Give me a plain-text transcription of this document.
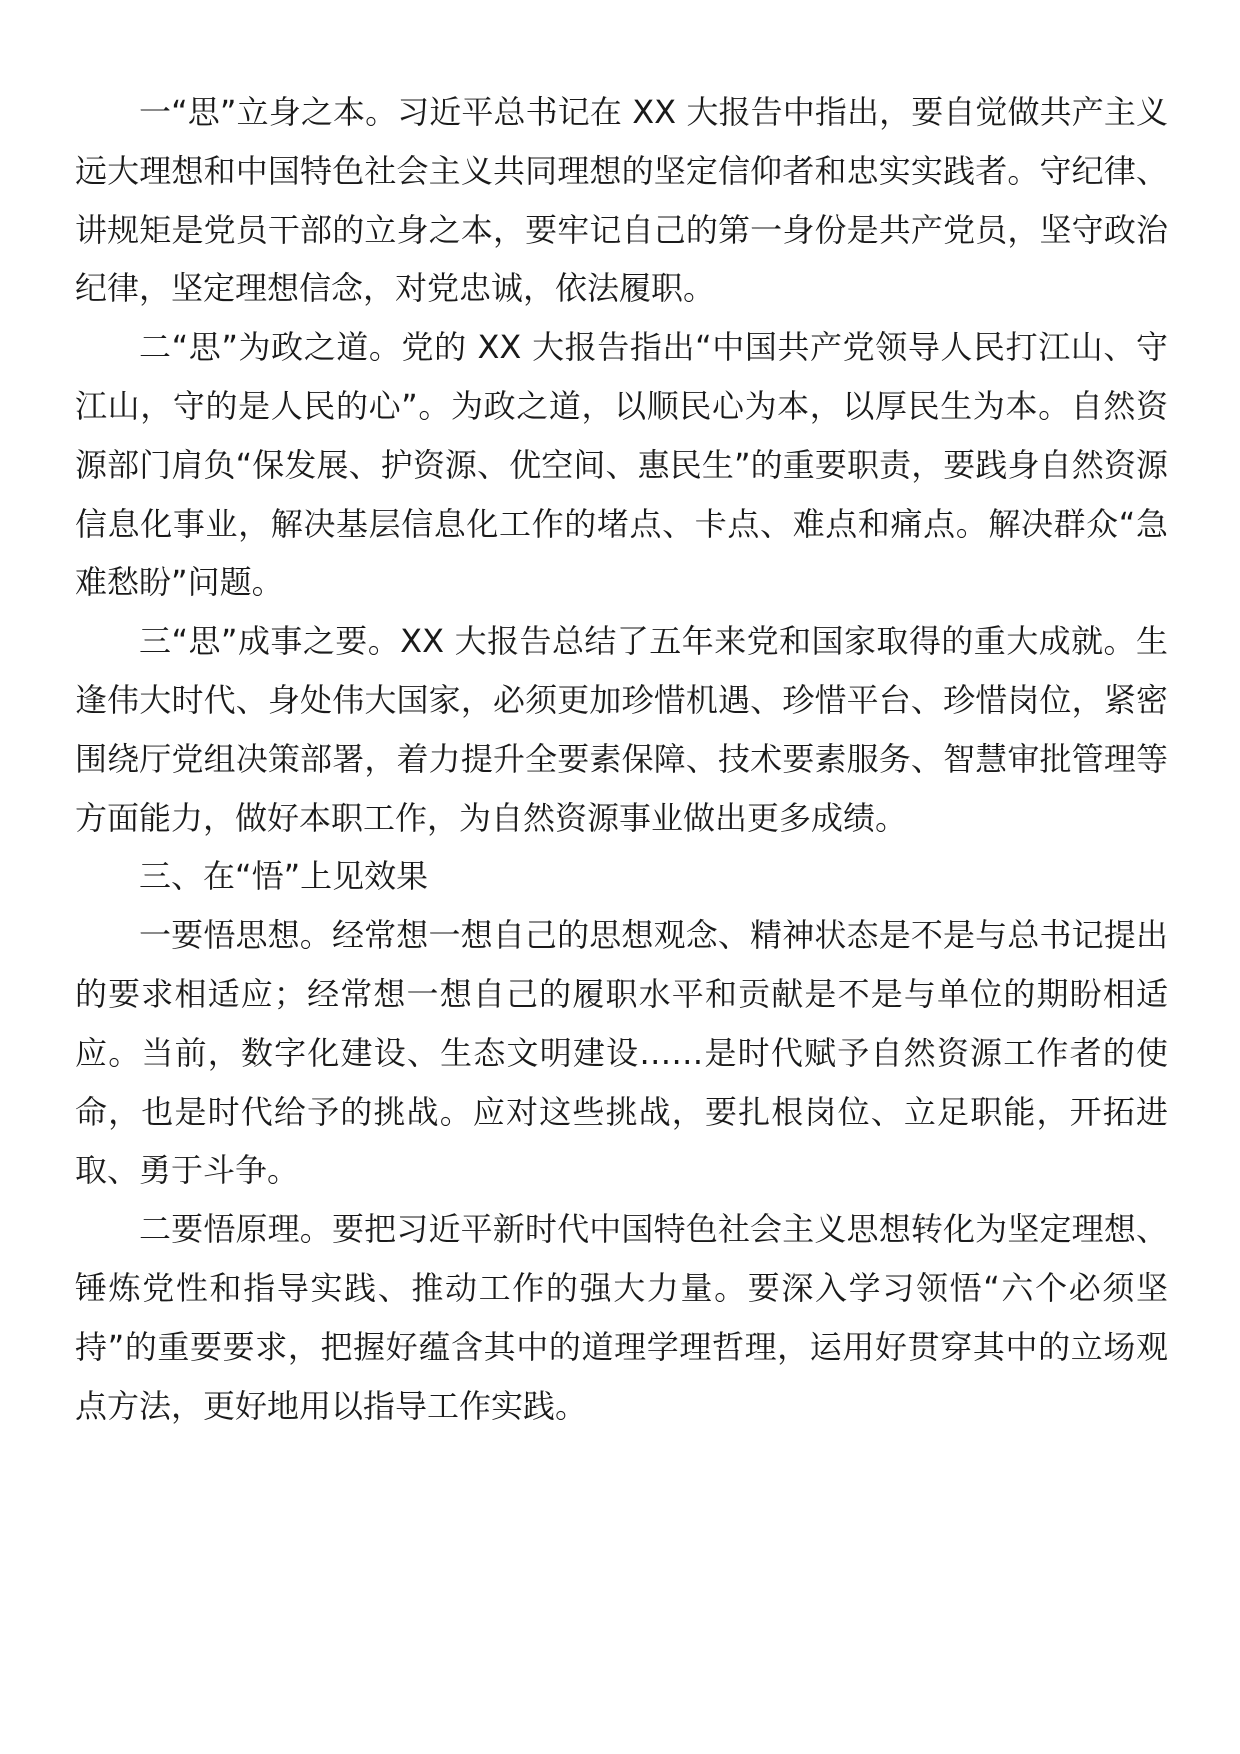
一“思”立身之本。习近平总书记在 XX 大报告中指出，要自觉做共产主义远大理想和中国特色社会主义共同理想的坚定信仰者和忠实实践者。守纪律、讲规矩是党员干部的立身之本，要牢记自己的第一身份是共产党员，坚守政治纪律，坚定理想信念，对党忠诚，依法履职。

二“思”为政之道。党的 XX 大报告指出“中国共产党领导人民打江山、守江山，守的是人民的心”。为政之道，以顺民心为本，以厚民生为本。自然资源部门肩负“保发展、护资源、优空间、惠民生”的重要职责，要践身自然资源信息化事业，解决基层信息化工作的堵点、卡点、难点和痛点。解决群众“急难愁盼”问题。

三“思”成事之要。XX 大报告总结了五年来党和国家取得的重大成就。生逢伟大时代、身处伟大国家，必须更加珍惜机遇、珍惜平台、珍惜岗位，紧密围绕厅党组决策部署，着力提升全要素保障、技术要素服务、智慧审批管理等方面能力，做好本职工作，为自然资源事业做出更多成绩。

三、在“悟”上见效果

一要悟思想。经常想一想自己的思想观念、精神状态是不是与总书记提出的要求相适应；经常想一想自己的履职水平和贡献是不是与单位的期盼相适应。当前，数字化建设、生态文明建设……是时代赋予自然资源工作者的使命，也是时代给予的挑战。应对这些挑战，要扎根岗位、立足职能，开拓进取、勇于斗争。

二要悟原理。要把习近平新时代中国特色社会主义思想转化为坚定理想、锤炼党性和指导实践、推动工作的强大力量。要深入学习领悟“六个必须坚持”的重要要求，把握好蕴含其中的道理学理哲理，运用好贯穿其中的立场观点方法，更好地用以指导工作实践。
